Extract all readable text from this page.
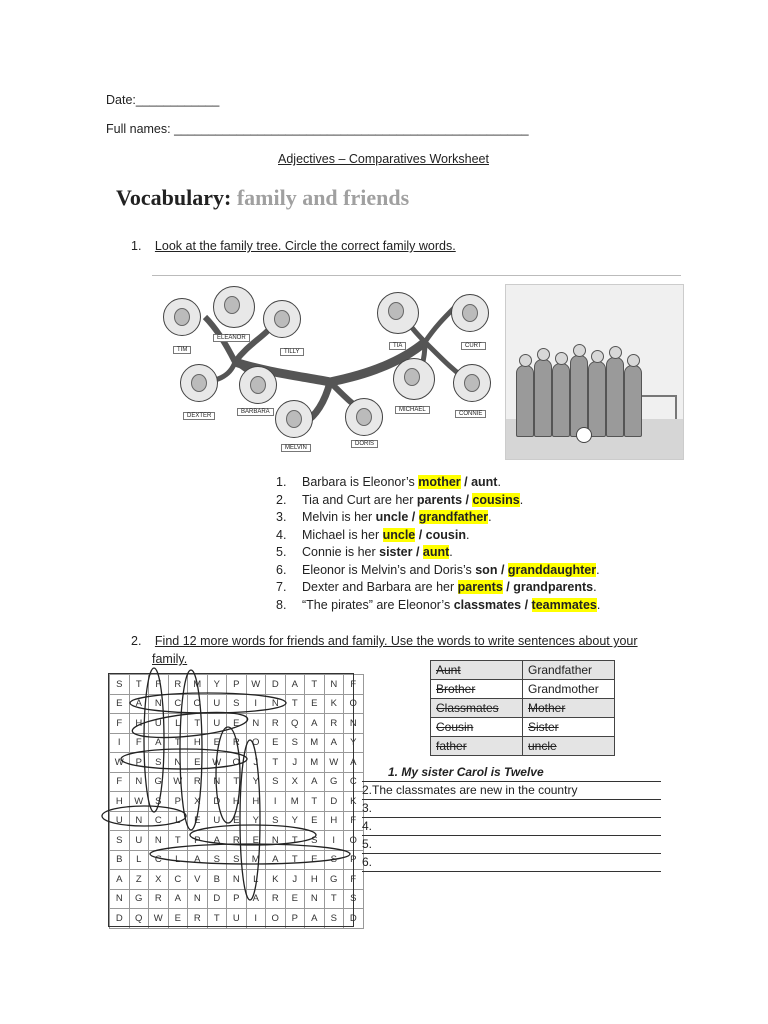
Date:____________
Full names: ___________________________________________________
Adjectives – Comparatives Worksheet
Vocabulary: family and friends
1. Look at the family tree. Circle the correct family words.
TIM
ELEANOR
TILLY
TIA	CURT
DEXTER
BARBARA
MELVIN
DORIS
MICHAEL
CONNIE
1. Barbara is Eleonor’s mother / aunt.
2. Tia and Curt are her parents / cousins.
3. Melvin is her uncle / grandfather.
4. Michael is her uncle / cousin.
5. Connie is her sister / aunt.
6. Eleonor is Melvin’s and Doris’s son / granddaughter.
7. Dexter and Barbara are her parents / grandparents.
8. “The pirates” are Eleonor’s classmates / teammates.
2. Find 12 more words for friends and family. Use the words to write sentences about your
family.
S	T	F	R	M	Y	P	W	D	A	T	N	F
E	A	N	C	O	U	S	I	N	T	E	K	O
F	H	U	L	T	U	E	N	R	Q	A	R	N
I	F	A	T	H	E	R	O	E	S	M	A	Y
W	P	S	N	E	W	O	J	T	J	M	W	A
F	N	G	W	R	N	T	Y	S	X	A	G	C
H	W	S	P	X	D	H	H	I	M	T	D	K
U	N	C	L	E	U	E	Y	S	Y	E	H	F
S	U	N	T	P	A	R	E	N	T	S	I	O
B	L	C	L	A	S	S	M	A	T	E	S	P
A	Z	X	C	V	B	N	L	K	J	H	G	F
N	G	R	A	N	D	P	A	R	E	N	T	S
D	Q	W	E	R	T	U	I	O	P	A	S	D
Aunt	Grandfather
Brother	Grandmother
Classmates	Mother
Cousin	Sister
father	uncle
1. My sister Carol is Twelve
2.The classmates are new in the country
3.
4.
5.
6.
